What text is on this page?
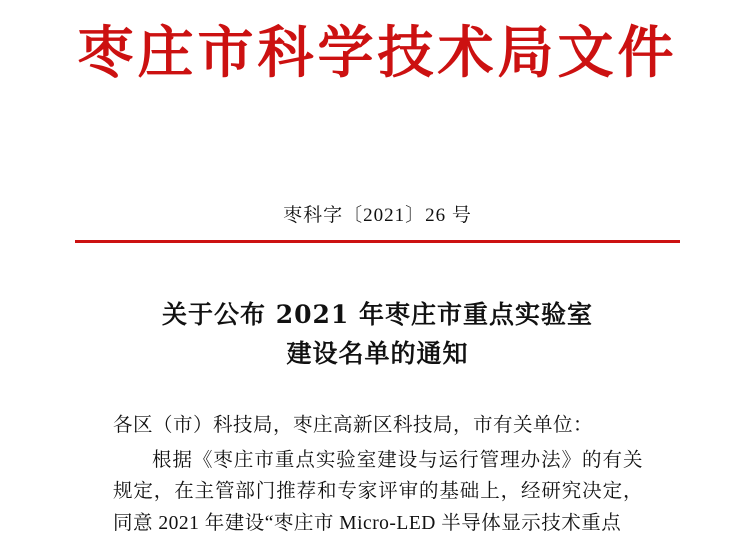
枣庄市科学技术局文件
枣科字〔2021〕26 号
关于公布 2021 年枣庄市重点实验室
建设名单的通知

各区（市）科技局，枣庄高新区科技局，市有关单位：

根据《枣庄市重点实验室建设与运行管理办法》的有关规定，在主管部门推荐和专家评审的基础上，经研究决定，同意 2021 年建设“枣庄市 Micro-LED 半导体显示技术重点
